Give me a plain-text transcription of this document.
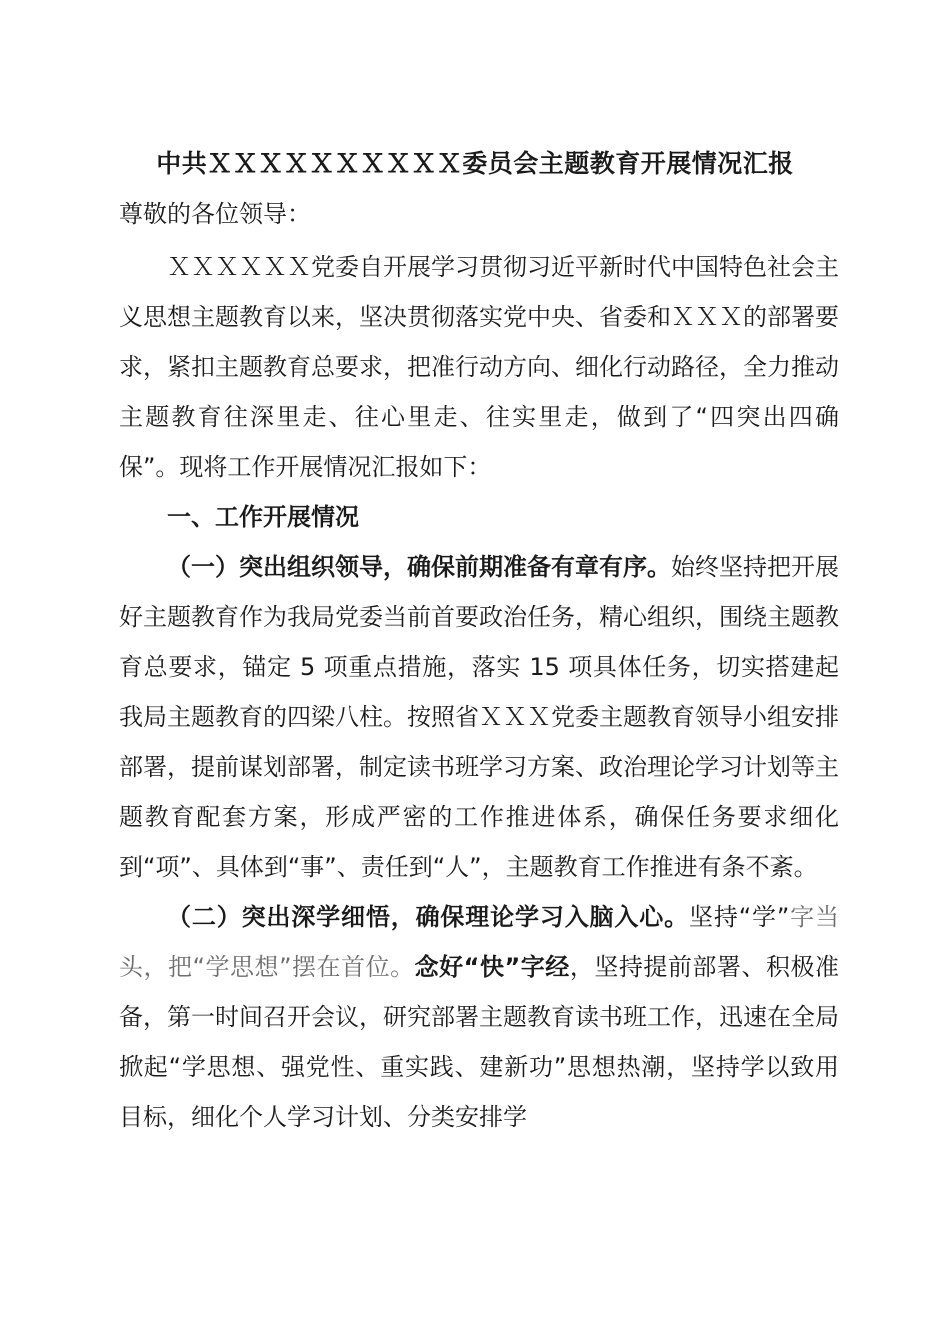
中共ＸＸＸＸＸＸＸＸＸＸ委员会主题教育开展情况汇报
尊敬的各位领导：

ＸＸＸＸＸＸ党委自开展学习贯彻习近平新时代中国特色社会主义思想主题教育以来，坚决贯彻落实党中央、省委和ＸＸＸ的部署要求，紧扣主题教育总要求，把准行动方向、细化行动路径，全力推动主题教育往深里走、往心里走、往实里走，做到了“四突出四确保”。现将工作开展情况汇报如下：

一、工作开展情况

（一）突出组织领导，确保前期准备有章有序。始终坚持把开展好主题教育作为我局党委当前首要政治任务，精心组织，围绕主题教育总要求，锚定 5 项重点措施，落实 15 项具体任务，切实搭建起我局主题教育的四梁八柱。按照省ＸＸＸ党委主题教育领导小组安排部署，提前谋划部署，制定读书班学习方案、政治理论学习计划等主题教育配套方案，形成严密的工作推进体系，确保任务要求细化到“项”、具体到“事”、责任到“人”，主题教育工作推进有条不紊。

（二）突出深学细悟，确保理论学习入脑入心。坚持“学”字当头，把“学思想”摆在首位。念好“快”字经，坚持提前部署、积极准备，第一时间召开会议，研究部署主题教育读书班工作，迅速在全局掀起“学思想、强党性、重实践、建新功”思想热潮，坚持学以致用目标，细化个人学习计划、分类安排学
